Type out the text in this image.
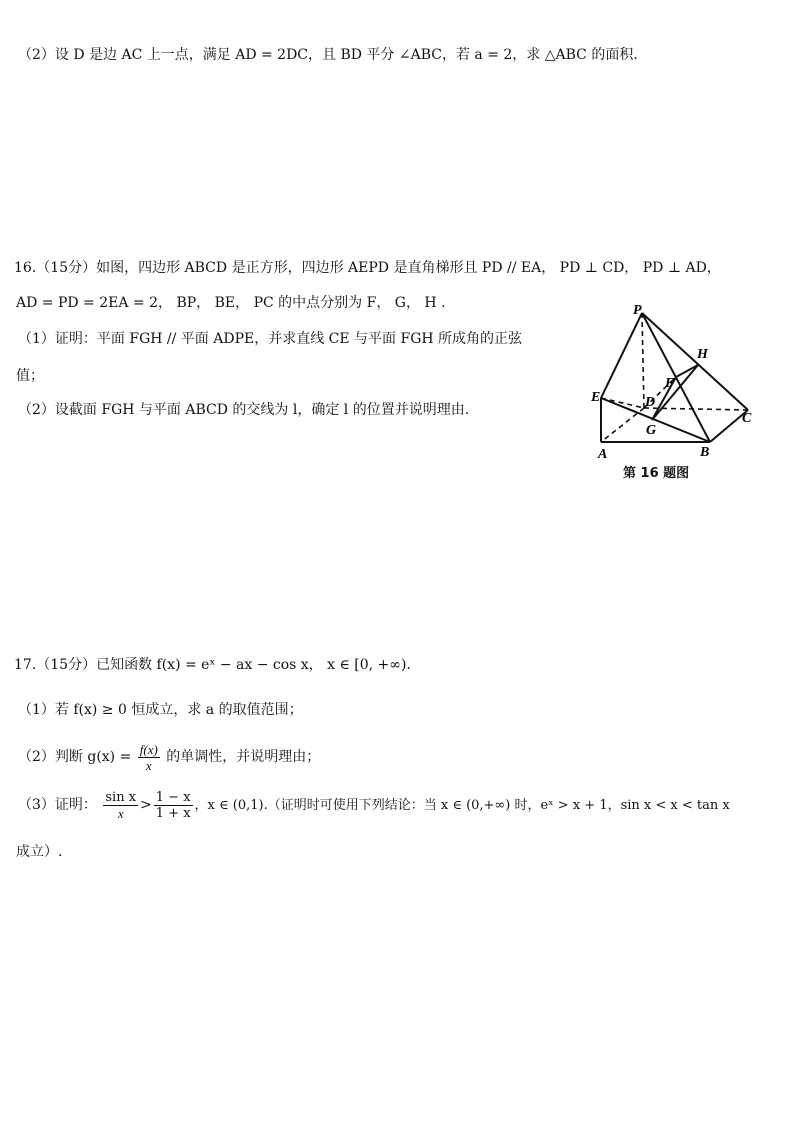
（2）设 D 是边 AC 上一点，满足 AD = 2DC，且 BD 平分 ∠ABC，若 a = 2，求 △ABC 的面积.
16.（15分）如图，四边形 ABCD 是正方形，四边形 AEPD 是直角梯形且 PD // EA， PD ⊥ CD， PD ⊥ AD，
AD = PD = 2EA = 2， BP， BE， PC 的中点分别为 F， G， H .
（1）证明：平面 FGH // 平面 ADPE，并求直线 CE 与平面 FGH 所成角的正弦
值；
（2）设截面 FGH 与平面 ABCD 的交线为 l，确定 l 的位置并说明理由.
P
H
F
E	D
C
G
A	B
第 16 题图
17.（15分）已知函数 f(x) = eˣ − ax − cos x， x ∈ [0, +∞).
（1）若 f(x) ≥ 0 恒成立，求 a 的取值范围；
（2）判断 $g(x) = \frac{f(x)}{x}$ 的单调性，并说明理由；
（3）证明： $\frac{\text{sin x}}{x} > \frac{1 - x}{1 + x}$ ，x ∈ (0,1).（证明时可使用下列结论：当 x ∈ (0,+∞) 时，eˣ > x + 1，sin x < x < tan x
成立）.
